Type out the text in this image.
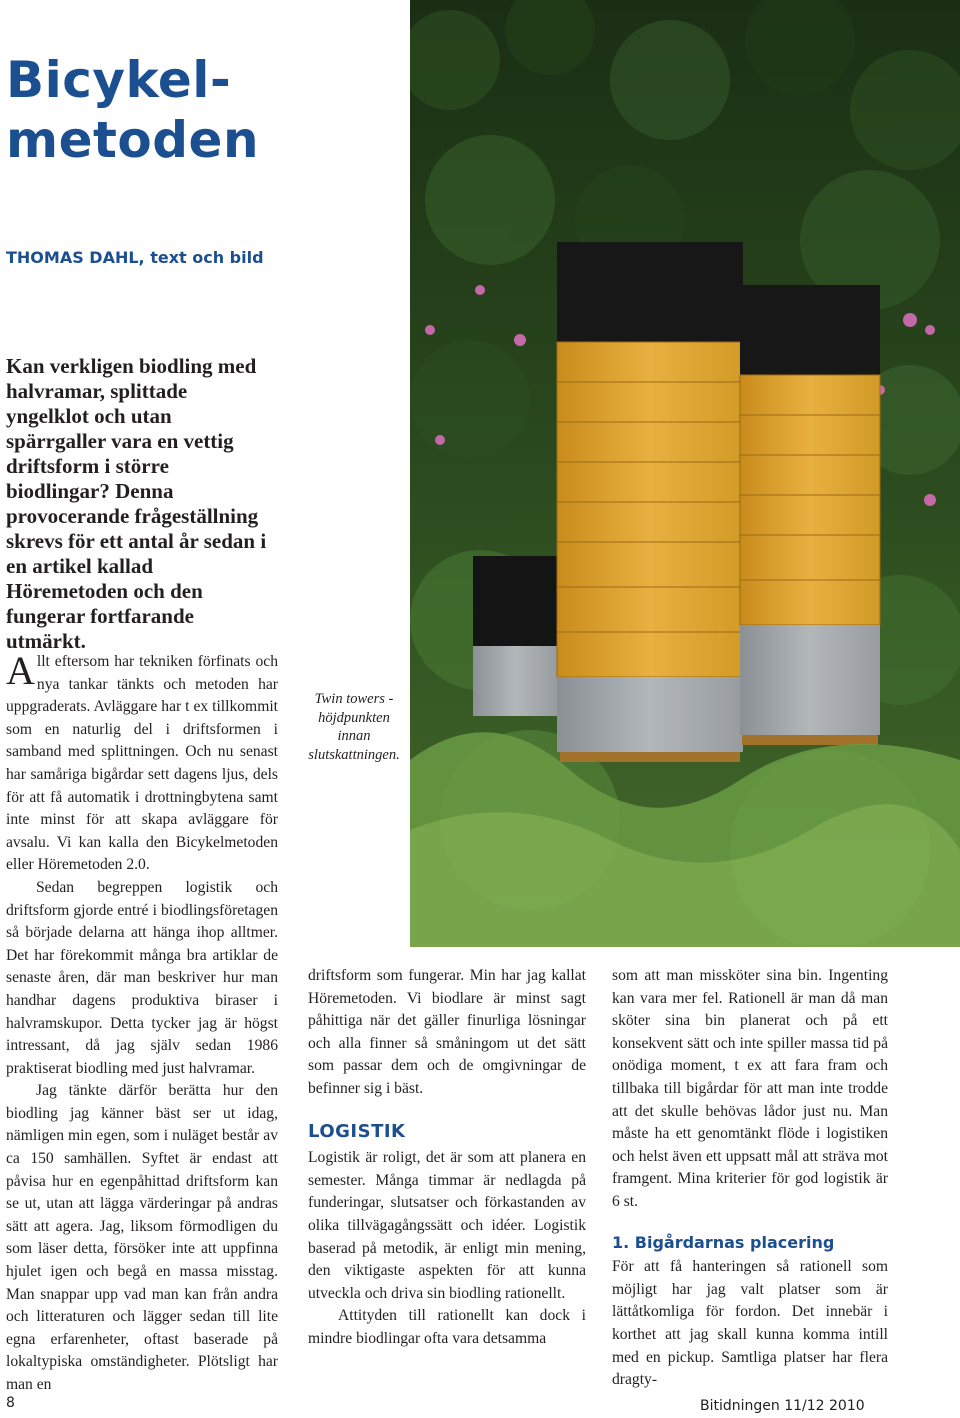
Bicykel-
metoden
THOMAS DAHL, text och bild

Kan verkligen biodling med halvramar, splittade yngelklot och utan spärrgaller vara en vettig driftsform i större biodlingar? Denna provocerande frågeställning skrevs för ett antal år sedan i en artikel kallad Höremetoden och den fungerar fortfarande utmärkt.

Allt eftersom har tekniken förfinats och nya tankar tänkts och metoden har uppgraderats. Avläggare har t ex tillkommit som en naturlig del i driftsformen i samband med splittningen. Och nu senast har samåriga bigårdar sett dagens ljus, dels för att få automatik i drottningbytena samt inte minst för att skapa avläggare för avsalu. Vi kan kalla den Bicykelmetoden eller Höremetoden 2.0.

Sedan begreppen logistik och driftsform gjorde entré i biodlingsföretagen så började delarna att hänga ihop alltmer. Det har förekommit många bra artiklar de senaste åren, där man beskriver hur man handhar dagens produktiva biraser i halvramskupor. Detta tycker jag är högst intressant, då jag själv sedan 1986 praktiserat biodling med just halvramar.

Jag tänkte därför berätta hur den biodling jag känner bäst ser ut idag, nämligen min egen, som i nuläget består av ca 150 samhällen. Syftet är endast att påvisa hur en egenpåhittad driftsform kan se ut, utan att lägga värderingar på andras sätt att agera. Jag, liksom förmodligen du som läser detta, försöker inte att uppfinna hjulet igen och begå en massa misstag. Man snappar upp vad man kan från andra och litteraturen och lägger sedan till lite egna erfarenheter, oftast baserade på lokaltypiska omständigheter. Plötsligt har man en

Twin towers - höjdpunkten innan slutskattningen.

driftsform som fungerar. Min har jag kallat Höremetoden. Vi biodlare är minst sagt påhittiga när det gäller finurliga lösningar och alla finner så småningom ut det sätt som passar dem och de omgivningar de befinner sig i bäst.

LOGISTIK

Logistik är roligt, det är som att planera en semester. Många timmar är nedlagda på funderingar, slutsatser och förkastanden av olika tillvägagångssätt och idéer. Logistik baserad på metodik, är enligt min mening, den viktigaste aspekten för att kunna utveckla och driva sin biodling rationellt.

Attityden till rationellt kan dock i mindre biodlingar ofta vara detsamma

som att man missköter sina bin. Ingenting kan vara mer fel. Rationell är man då man sköter sina bin planerat och på ett konsekvent sätt och inte spiller massa tid på onödiga moment, t ex att fara fram och tillbaka till bigårdar för att man inte trodde att det skulle behövas lådor just nu. Man måste ha ett genomtänkt flöde i logistiken och helst även ett uppsatt mål att sträva mot framgent. Mina kriterier för god logistik är 6 st.

1. Bigårdarnas placering

För att få hanteringen så rationell som möjligt har jag valt platser som är lättåtkomliga för fordon. Det innebär i korthet att jag skall kunna komma intill med en pickup. Samtliga platser har flera dragty-

8	Bitidningen 11/12 2010
